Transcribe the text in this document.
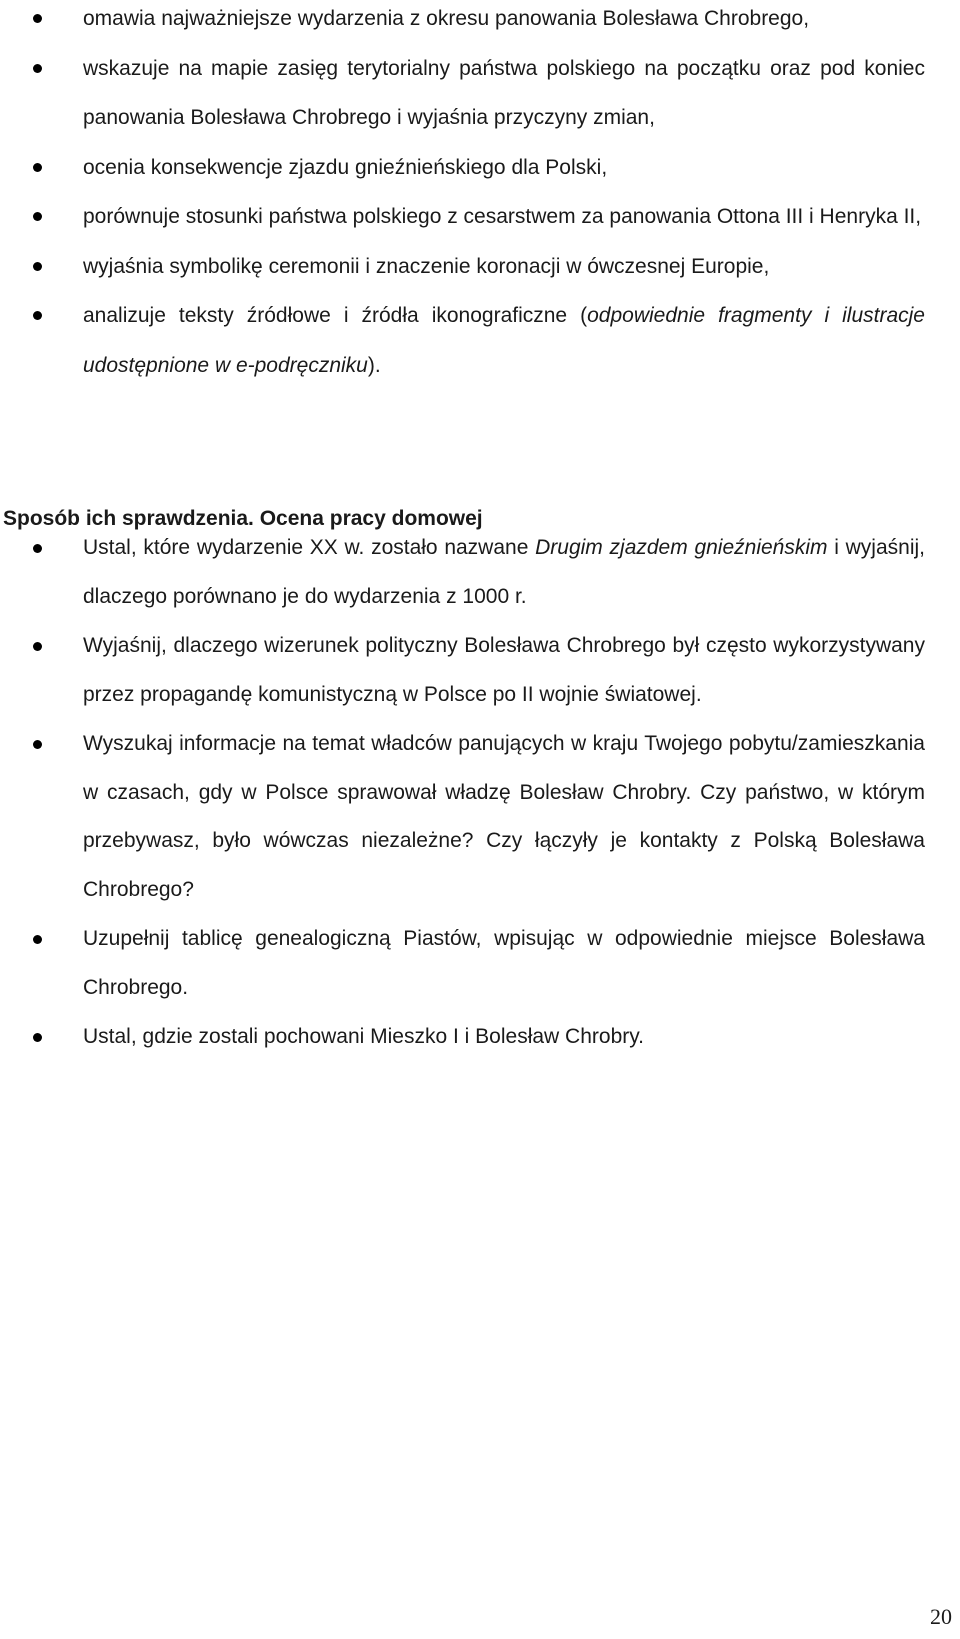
omawia najważniejsze wydarzenia z okresu panowania Bolesława Chrobrego,
wskazuje na mapie zasięg terytorialny państwa polskiego na początku oraz pod koniec panowania Bolesława Chrobrego i wyjaśnia przyczyny zmian,
ocenia konsekwencje zjazdu gnieźnieńskiego dla Polski,
porównuje stosunki państwa polskiego z cesarstwem za panowania Ottona III i Henryka II,
wyjaśnia symbolikę ceremonii i znaczenie koronacji w ówczesnej Europie,
analizuje teksty źródłowe i źródła ikonograficzne (odpowiednie fragmenty i ilustracje udostępnione w e-podręczniku).
Sposób ich sprawdzenia. Ocena pracy domowej
Ustal, które wydarzenie XX w. zostało nazwane Drugim zjazdem gnieźnieńskim i wyjaśnij, dlaczego porównano je do wydarzenia z 1000 r.
Wyjaśnij, dlaczego wizerunek polityczny Bolesława Chrobrego był często wykorzystywany przez propagandę komunistyczną w Polsce po II wojnie światowej.
Wyszukaj informacje na temat władców panujących w kraju Twojego pobytu/zamieszkania w czasach, gdy w Polsce sprawował władzę Bolesław Chrobry. Czy państwo, w którym przebywasz, było wówczas niezależne? Czy łączyły je kontakty z Polską Bolesława Chrobrego?
Uzupełnij tablicę genealogiczną Piastów, wpisując w odpowiednie miejsce Bolesława Chrobrego.
Ustal, gdzie zostali pochowani Mieszko I i Bolesław Chrobry.
20
